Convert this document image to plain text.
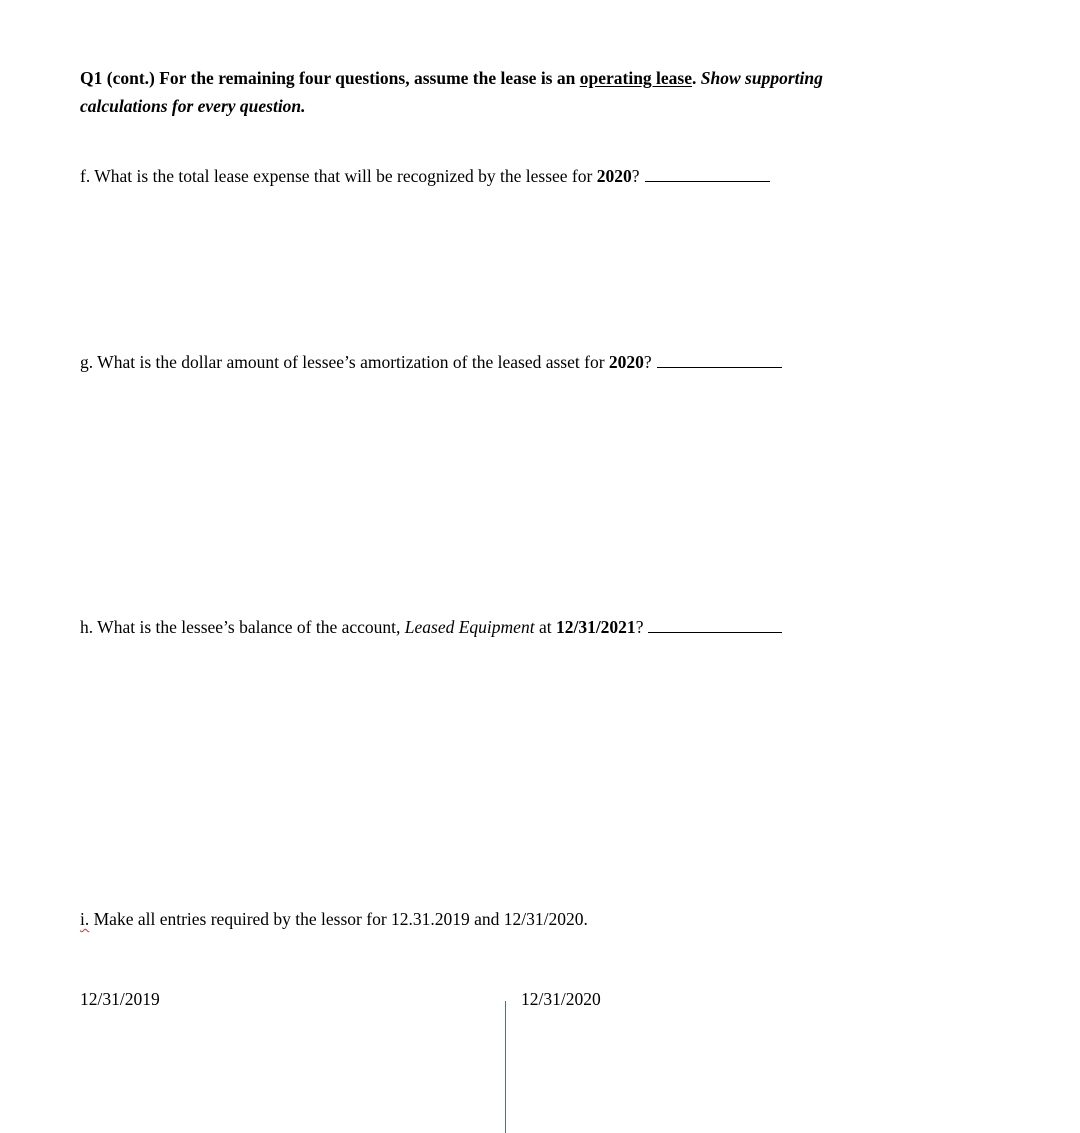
Q1 (cont.) For the remaining four questions, assume the lease is an operating lease. Show supporting
calculations for every question.
f. What is the total lease expense that will be recognized by the lessee for 2020?
g. What is the dollar amount of lessee’s amortization of the leased asset for 2020?
h. What is the lessee’s balance of the account, Leased Equipment at 12/31/2021?
i. Make all entries required by the lessor for 12.31.2019 and 12/31/2020.
12/31/2019	12/31/2020
